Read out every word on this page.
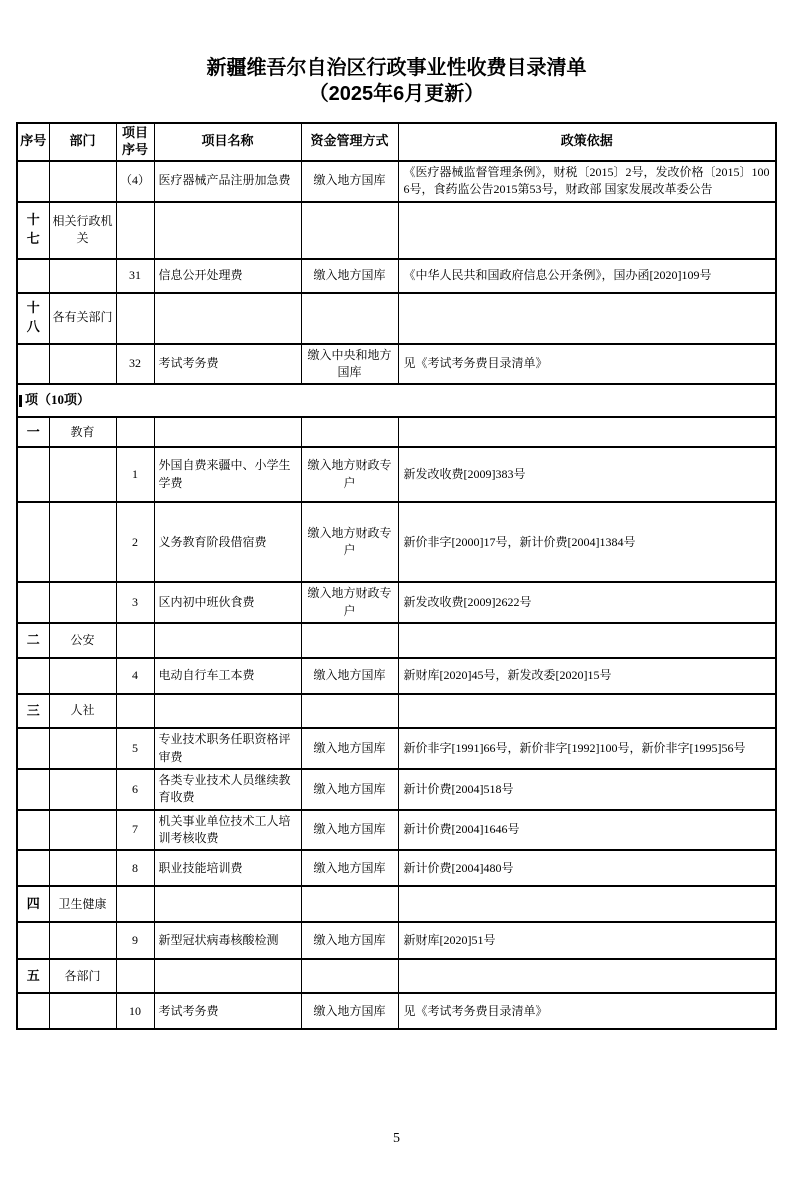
新疆维吾尔自治区行政事业性收费目录清单
（2025年6月更新）
序号	部门	项目序号	项目名称	资金管理方式	政策依据
		（4）	医疗器械产品注册加急费	缴入地方国库	《医疗器械监督管理条例》，财税〔2015〕2号，发改价格〔2015〕1006号，食药监公告2015第53号，财政部 国家发展改革委公告
十七	相关行政机关				
		31	信息公开处理费	缴入地方国库	《中华人民共和国政府信息公开条例》，国办函[2020]109号
十八	各有关部门				
		32	考试考务费	缴入中央和地方国库	见《考试考务费目录清单》

项（10项）					
一	教育				
		1	外国自费来疆中、小学生学费	缴入地方财政专户	新发改收费[2009]383号
		2	义务教育阶段借宿费	缴入地方财政专户	新价非字[2000]17号，新计价费[2004]1384号
		3	区内初中班伙食费	缴入地方财政专户	新发改收费[2009]2622号
二	公安				
		4	电动自行车工本费	缴入地方国库	新财库[2020]45号，新发改委[2020]15号
三	人社				
		5	专业技术职务任职资格评审费	缴入地方国库	新价非字[1991]66号，新价非字[1992]100号，新价非字[1995]56号
		6	各类专业技术人员继续教育收费	缴入地方国库	新计价费[2004]518号
		7	机关事业单位技术工人培训考核收费	缴入地方国库	新计价费[2004]1646号
		8	职业技能培训费	缴入地方国库	新计价费[2004]480号
四	卫生健康				
		9	新型冠状病毒核酸检测	缴入地方国库	新财库[2020]51号
五	各部门				
		10	考试考务费	缴入地方国库	见《考试考务费目录清单》
5
